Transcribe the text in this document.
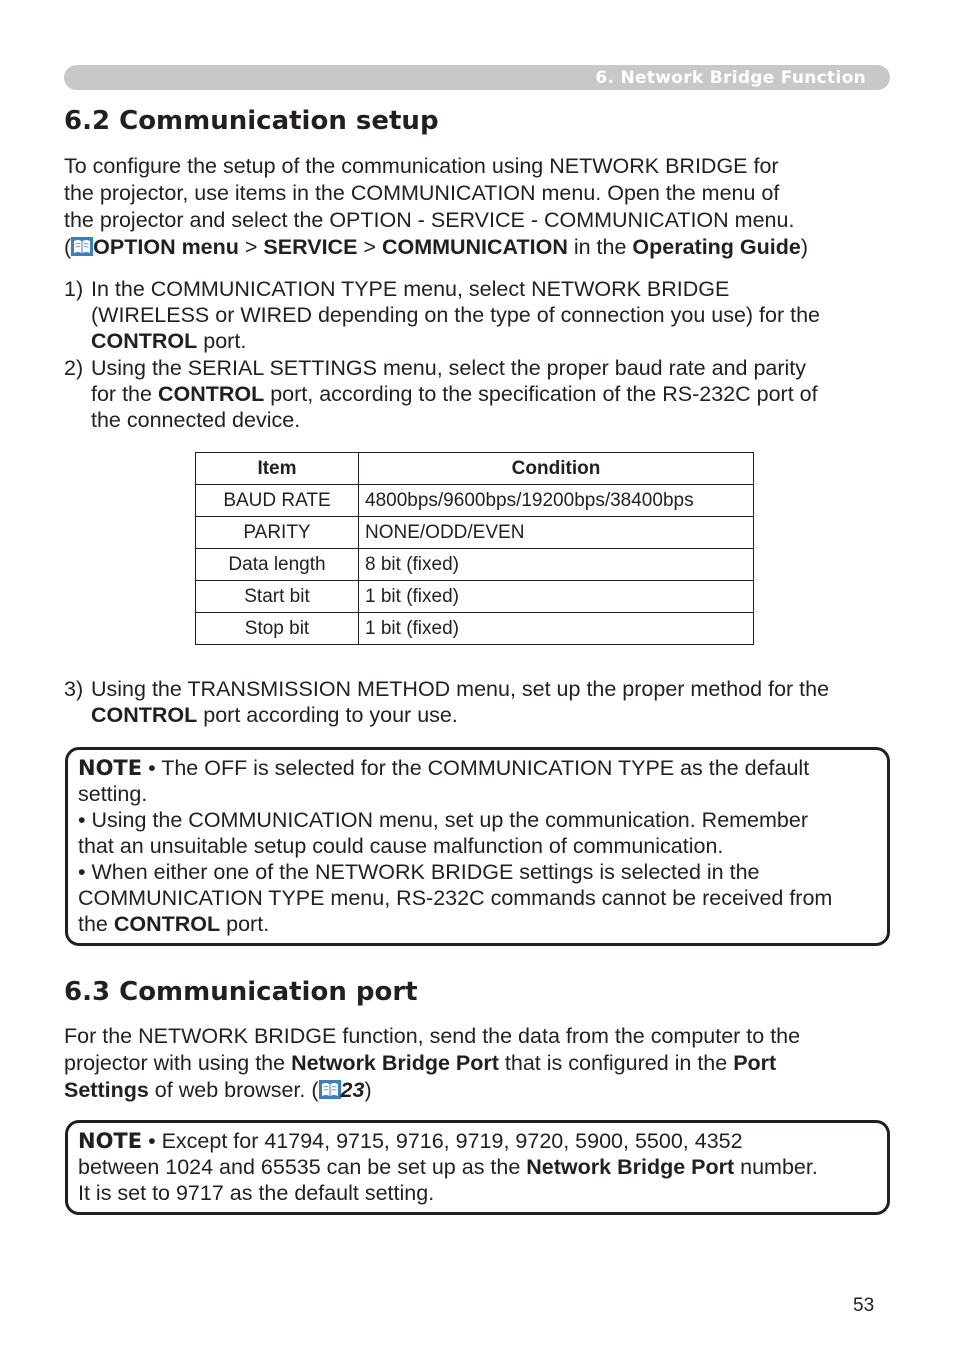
6. Network Bridge Function
6.2 Communication setup
To configure the setup of the communication using NETWORK BRIDGE for
the projector, use items in the COMMUNICATION menu. Open the menu of
the projector and select the OPTION - SERVICE - COMMUNICATION menu.
( OPTION menu > SERVICE > COMMUNICATION in the Operating Guide)
1) In the COMMUNICATION TYPE menu, select NETWORK BRIDGE
(WIRELESS or WIRED depending on the type of connection you use) for the
CONTROL port.
2) Using the SERIAL SETTINGS menu, select the proper baud rate and parity
for the CONTROL port, according to the specification of the RS-232C port of
the connected device.
Item	Condition
BAUD RATE	4800bps/9600bps/19200bps/38400bps
PARITY	NONE/ODD/EVEN
Data length	8 bit (fixed)
Start bit	1 bit (fixed)
Stop bit	1 bit (fixed)
3) Using the TRANSMISSION METHOD menu, set up the proper method for the
CONTROL port according to your use.
NOTE • The OFF is selected for the COMMUNICATION TYPE as the default
setting.
• Using the COMMUNICATION menu, set up the communication. Remember
that an unsuitable setup could cause malfunction of communication.
• When either one of the NETWORK BRIDGE settings is selected in the
COMMUNICATION TYPE menu, RS-232C commands cannot be received from
the CONTROL port.
6.3 Communication port
For the NETWORK BRIDGE function, send the data from the computer to the
projector with using the Network Bridge Port that is configured in the Port
Settings of web browser. ( 23)
NOTE • Except for 41794, 9715, 9716, 9719, 9720, 5900, 5500, 4352
between 1024 and 65535 can be set up as the Network Bridge Port number.
It is set to 9717 as the default setting.
53
